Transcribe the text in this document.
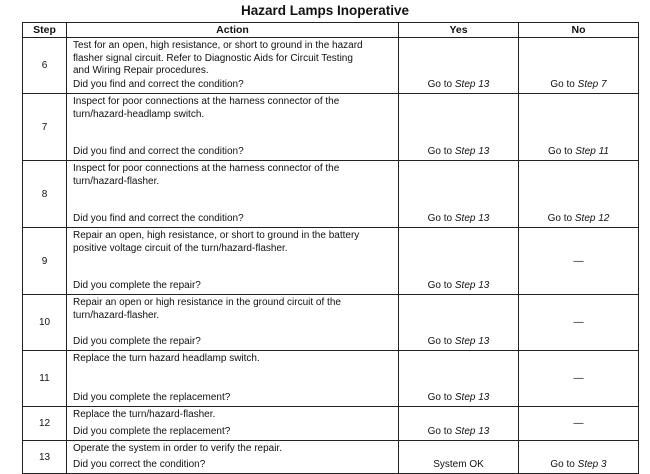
Hazard Lamps Inoperative
Step	Action	Yes	No
6	Test for an open, high resistance, or short to ground in the hazard
flasher signal circuit. Refer to Diagnostic Aids for Circuit Testing
and Wiring Repair procedures.
Did you find and correct the condition?	Go to Step 13	Go to Step 7
7	Inspect for poor connections at the harness connector of the
turn/hazard-headlamp switch.
Did you find and correct the condition?	Go to Step 13	Go to Step 11
8	Inspect for poor connections at the harness connector of the
turn/hazard-flasher.
Did you find and correct the condition?	Go to Step 13	Go to Step 12
9	Repair an open, high resistance, or short to ground in the battery
positive voltage circuit of the turn/hazard-flasher.
Did you complete the repair?	Go to Step 13	—
10	Repair an open or high resistance in the ground circuit of the
turn/hazard-flasher.
Did you complete the repair?	Go to Step 13	—
11	Replace the turn hazard headlamp switch.
Did you complete the replacement?	Go to Step 13	—
12	Replace the turn/hazard-flasher.
Did you complete the replacement?	Go to Step 13	—
13	Operate the system in order to verify the repair.
Did you correct the condition?	System OK	Go to Step 3
